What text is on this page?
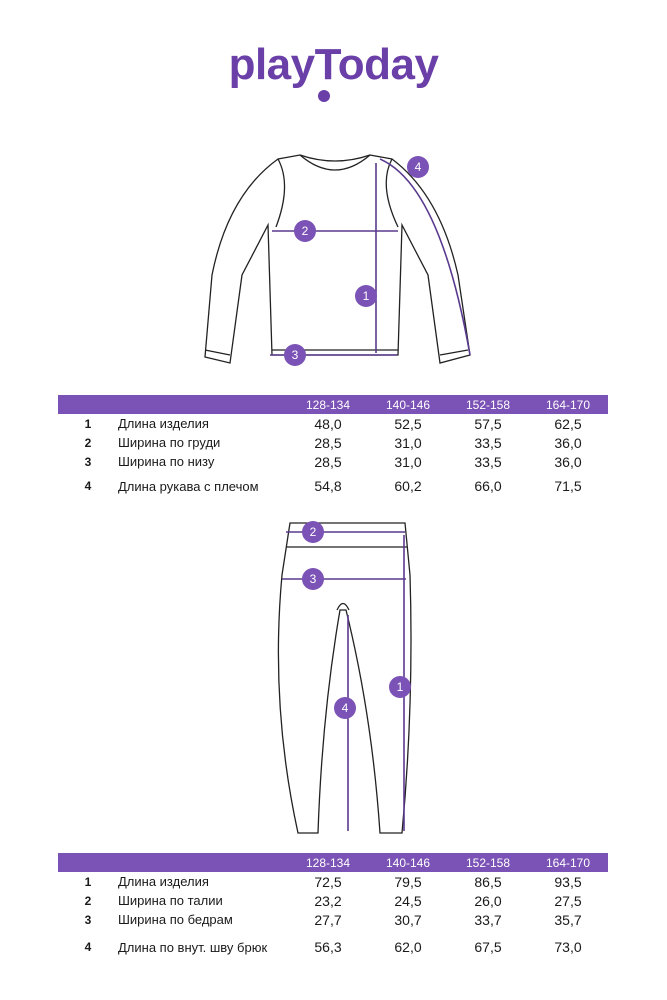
playToday
1
2
3
4
		128-134	140-146	152-158	164-170
1	Длина изделия	48,0	52,5	57,5	62,5
2	Ширина по груди	28,5	31,0	33,5	36,0
3	Ширина по низу	28,5	31,0	33,5	36,0
4	Длина рукава с плечом	54,8	60,2	66,0	71,5
1
2
3
4
		128-134	140-146	152-158	164-170
1	Длина изделия	72,5	79,5	86,5	93,5
2	Ширина по талии	23,2	24,5	26,0	27,5
3	Ширина по бедрам	27,7	30,7	33,7	35,7
4	Длина по внут. шву брюк	56,3	62,0	67,5	73,0
